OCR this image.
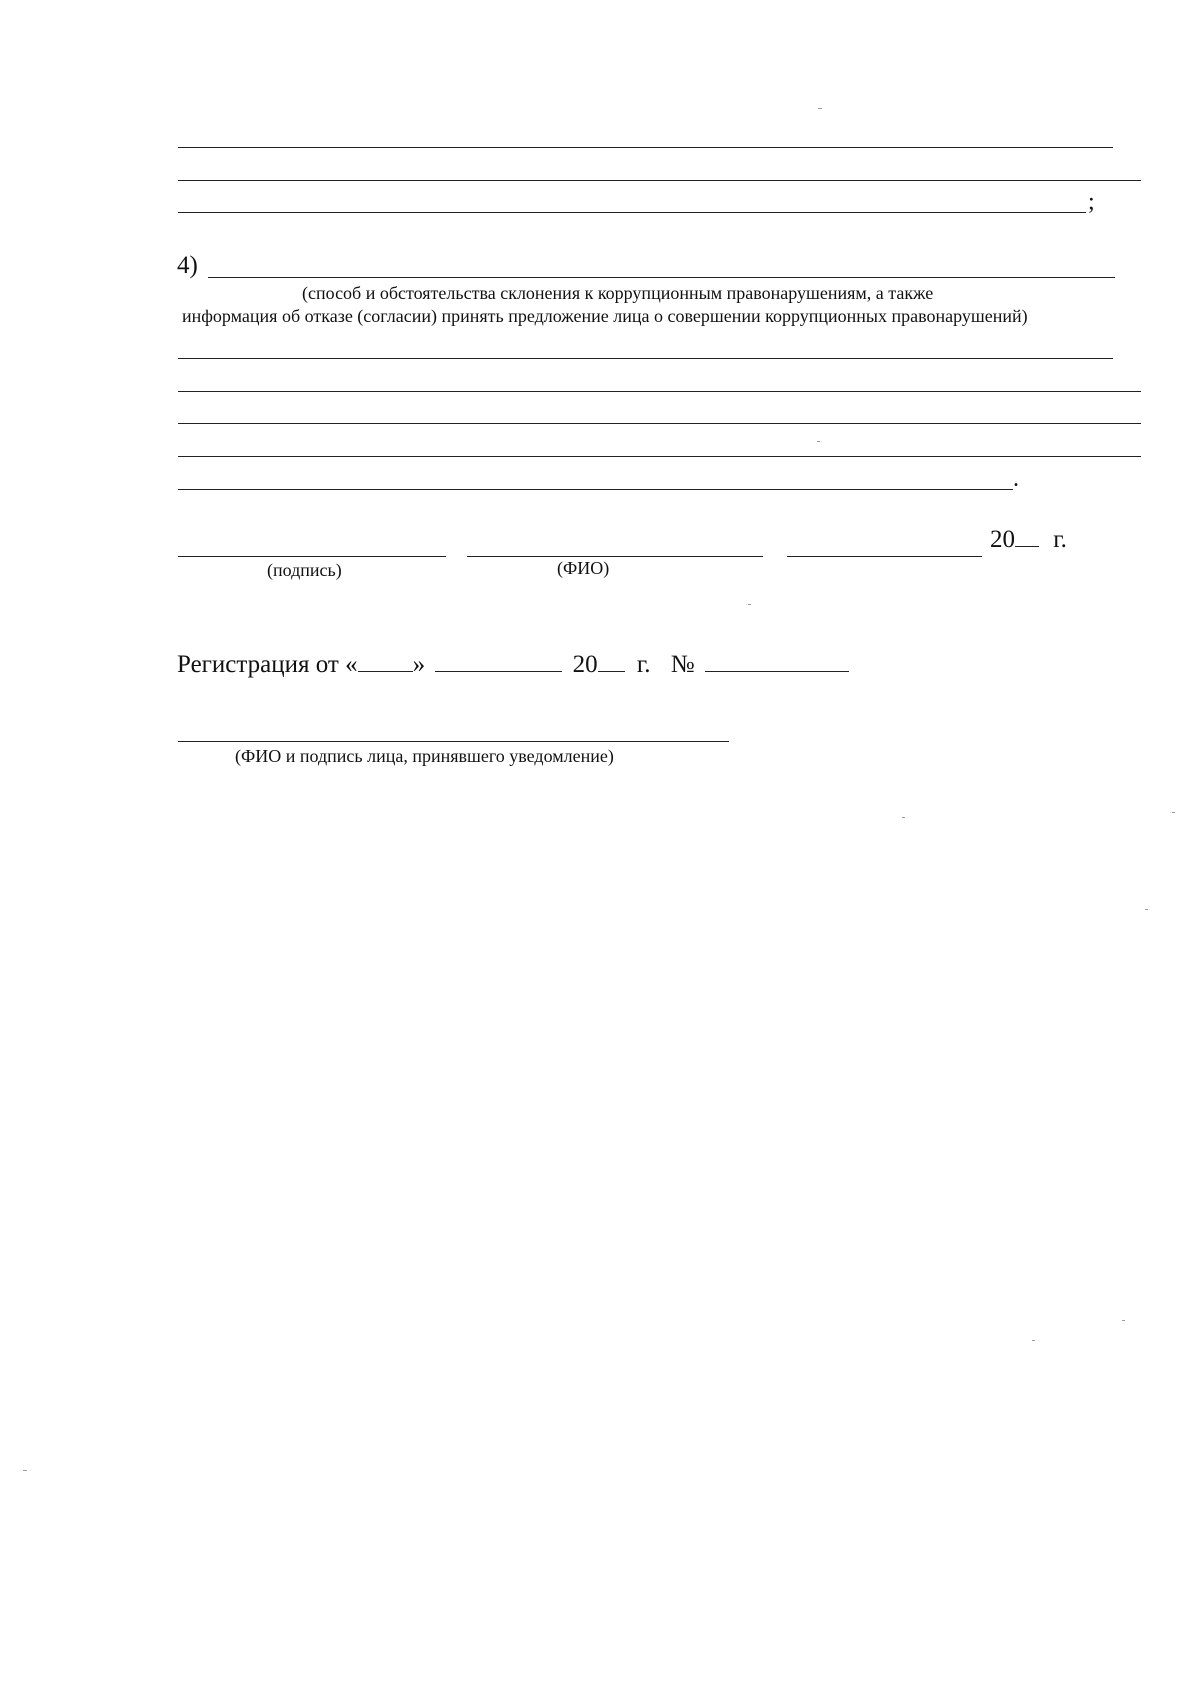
;
4)
(способ и обстоятельства склонения к коррупционным правонарушениям, а также
информация об отказе (согласии) принять предложение лица о совершении коррупционных правонарушений)
.
20 г.
(подпись)	(ФИО)
Регистрация от « »	20 г. №
(ФИО и подпись лица, принявшего уведомление)
